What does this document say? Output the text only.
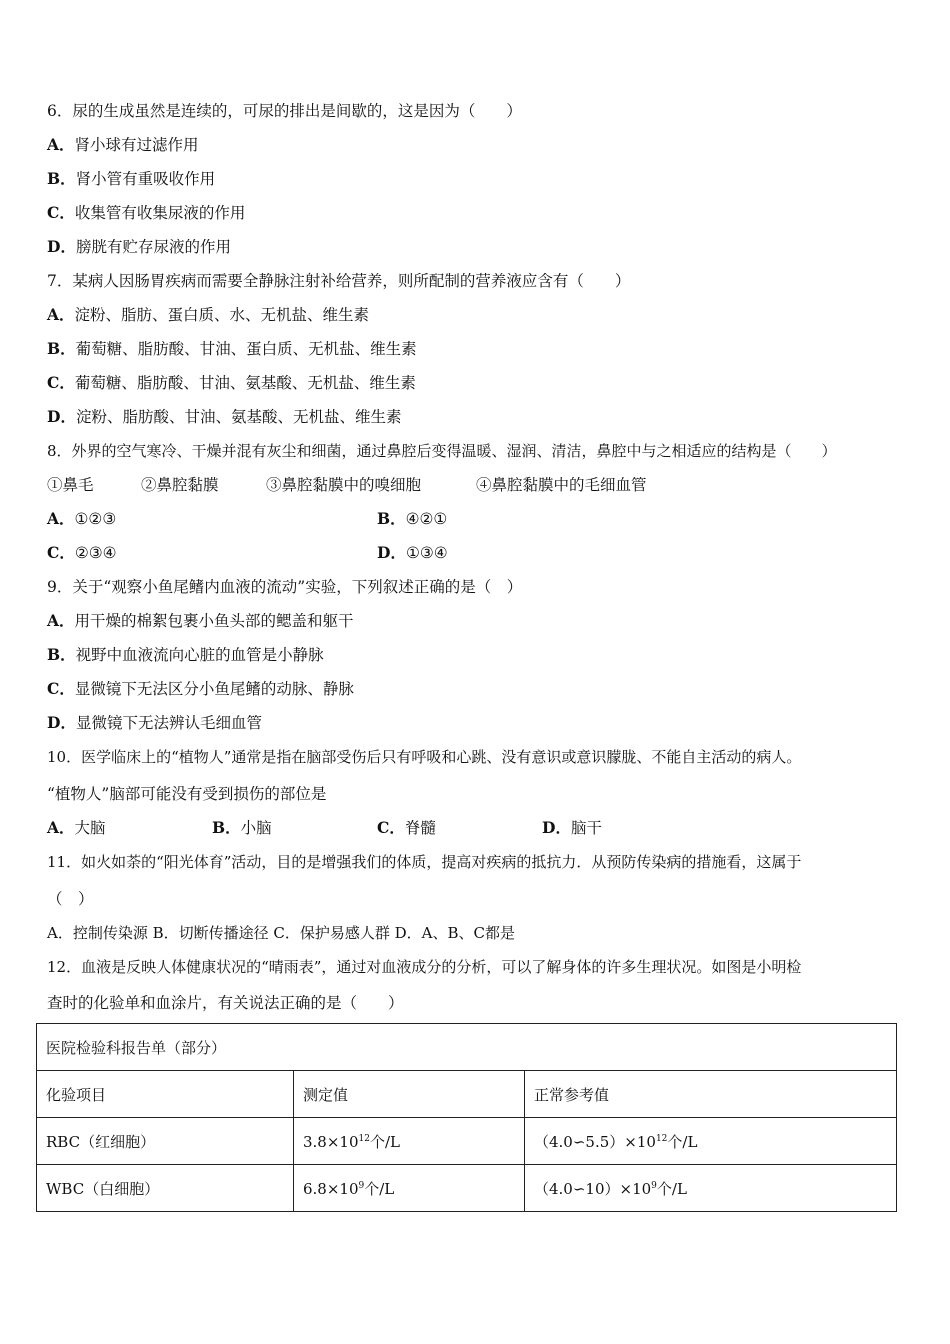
6．尿的生成虽然是连续的，可尿的排出是间歇的，这是因为（　　）
A．肾小球有过滤作用
B．肾小管有重吸收作用
C．收集管有收集尿液的作用
D．膀胱有贮存尿液的作用
7．某病人因肠胃疾病而需要全静脉注射补给营养，则所配制的营养液应含有（　　）
A．淀粉、脂肪、蛋白质、水、无机盐、维生素
B．葡萄糖、脂肪酸、甘油、蛋白质、无机盐、维生素
C．葡萄糖、脂肪酸、甘油、氨基酸、无机盐、维生素
D．淀粉、脂肪酸、甘油、氨基酸、无机盐、维生素
8．外界的空气寒冷、干燥并混有灰尘和细菌，通过鼻腔后变得温暖、湿润、清洁，鼻腔中与之相适应的结构是（　　）
①鼻毛	②鼻腔黏膜	③鼻腔黏膜中的嗅细胞	④鼻腔黏膜中的毛细血管
A．①②③	B．④②①
C．②③④	D．①③④
9．关于“观察小鱼尾鳍内血液的流动”实验，下列叙述正确的是（　）
A．用干燥的棉絮包裹小鱼头部的鳃盖和躯干
B．视野中血液流向心脏的血管是小静脉
C．显微镜下无法区分小鱼尾鳍的动脉、静脉
D．显微镜下无法辨认毛细血管
10．医学临床上的“植物人”通常是指在脑部受伤后只有呼吸和心跳、没有意识或意识朦胧、不能自主活动的病人。
“植物人”脑部可能没有受到损伤的部位是
A．大脑	B．小脑	C．脊髓	D．脑干
11．如火如荼的“阳光体育”活动，目的是增强我们的体质，提高对疾病的抵抗力．从预防传染病的措施看，这属于
（　）
A．控制传染源 B．切断传播途径 C．保护易感人群 D．A、B、C都是
12．血液是反映人体健康状况的“晴雨表”，通过对血液成分的分析，可以了解身体的许多生理状况。如图是小明检
查时的化验单和血涂片，有关说法正确的是（　　）
医院检验科报告单（部分）		
化验项目	测定值	正常参考值
RBC（红细胞）	$3.8\times 10^{12}$个/L	$(4.0∽5.5)\times 10^{12}$个/L
WBC（白细胞）	$6.8\times 10^9$个/L	$(4.0∽10)\times 10^9$个/L
